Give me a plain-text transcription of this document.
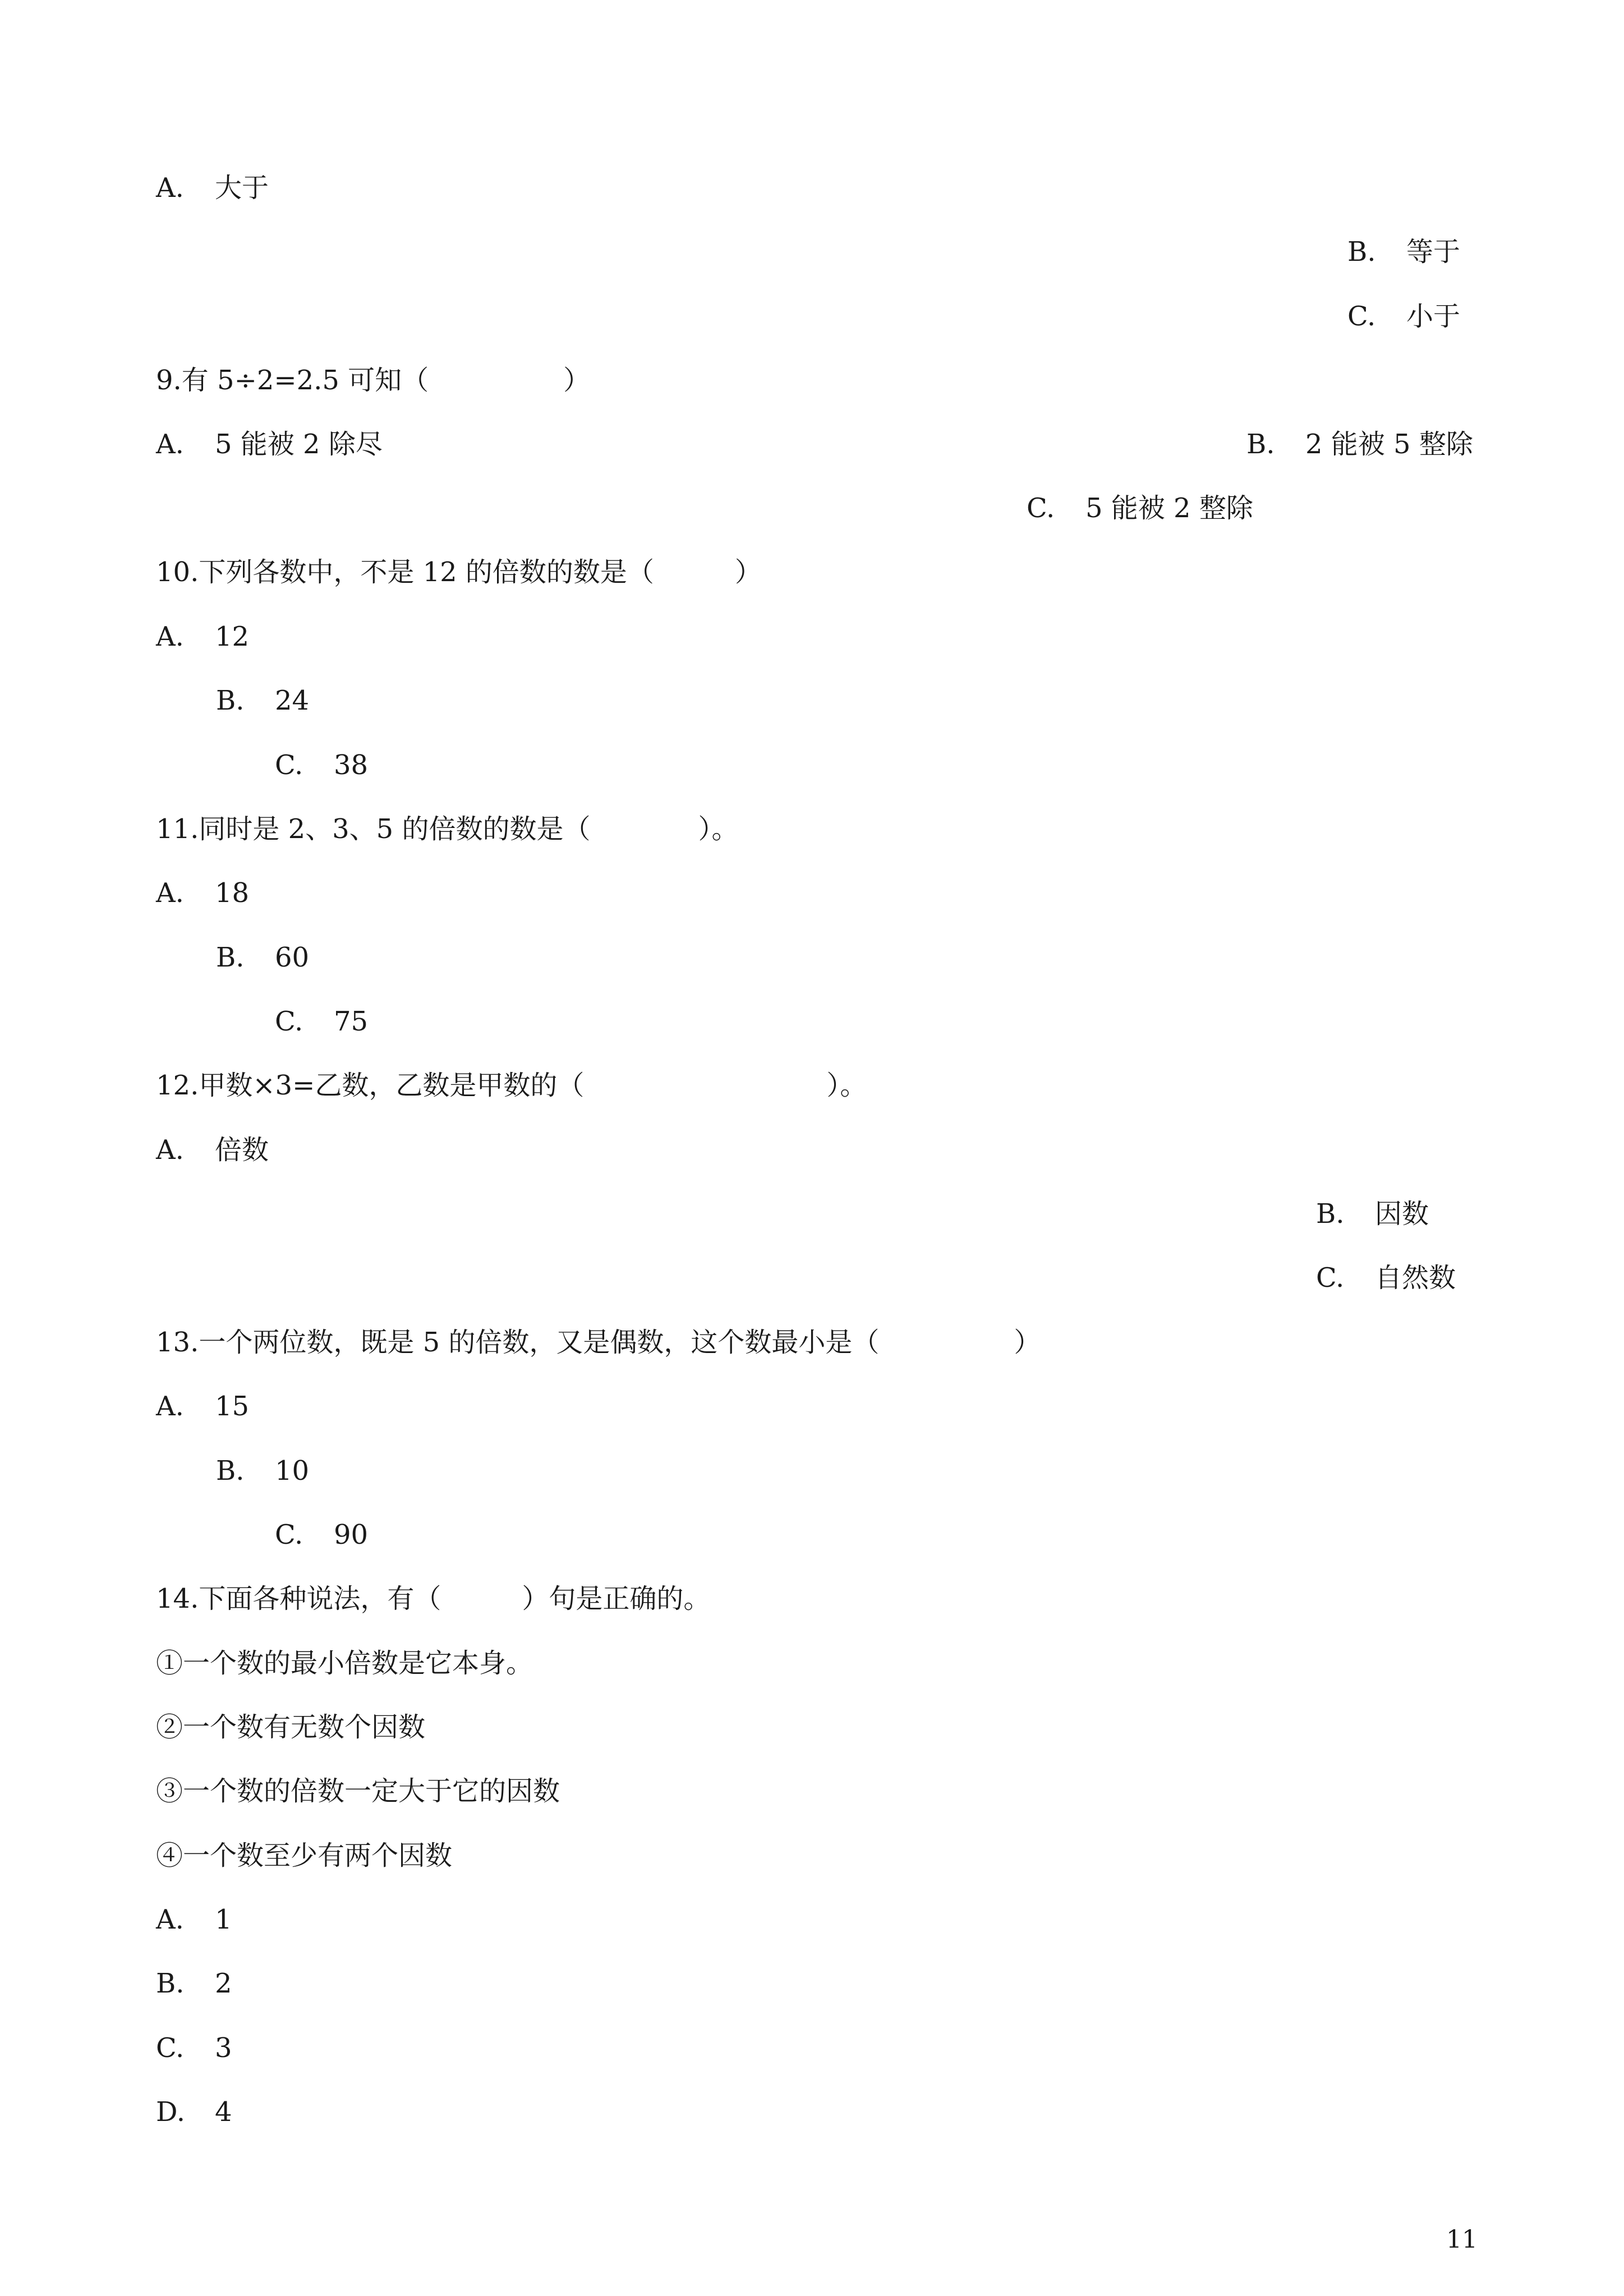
A. 大于
B. 等于
C. 小于
9.有 5÷2=2.5 可知（　　　　　）
A. 5 能被 2 除尽	B. 2 能被 5 整除
C. 5 能被 2 整除
10.下列各数中，不是 12 的倍数的数是（　　　）
A. 12
B. 24
C. 38
11.同时是 2、3、5 的倍数的数是（　　　　）。
A. 18
B. 60
C. 75
12.甲数×3=乙数，乙数是甲数的（　　　　　　　　　）。
A. 倍数
B. 因数
C. 自然数
13.一个两位数，既是 5 的倍数，又是偶数，这个数最小是（　　　　　）
A. 15
B. 10
C. 90
14.下面各种说法，有（　　　）句是正确的。
①一个数的最小倍数是它本身。
②一个数有无数个因数
③一个数的倍数一定大于它的因数
④一个数至少有两个因数
A. 1
B. 2
C. 3
D. 4
11
